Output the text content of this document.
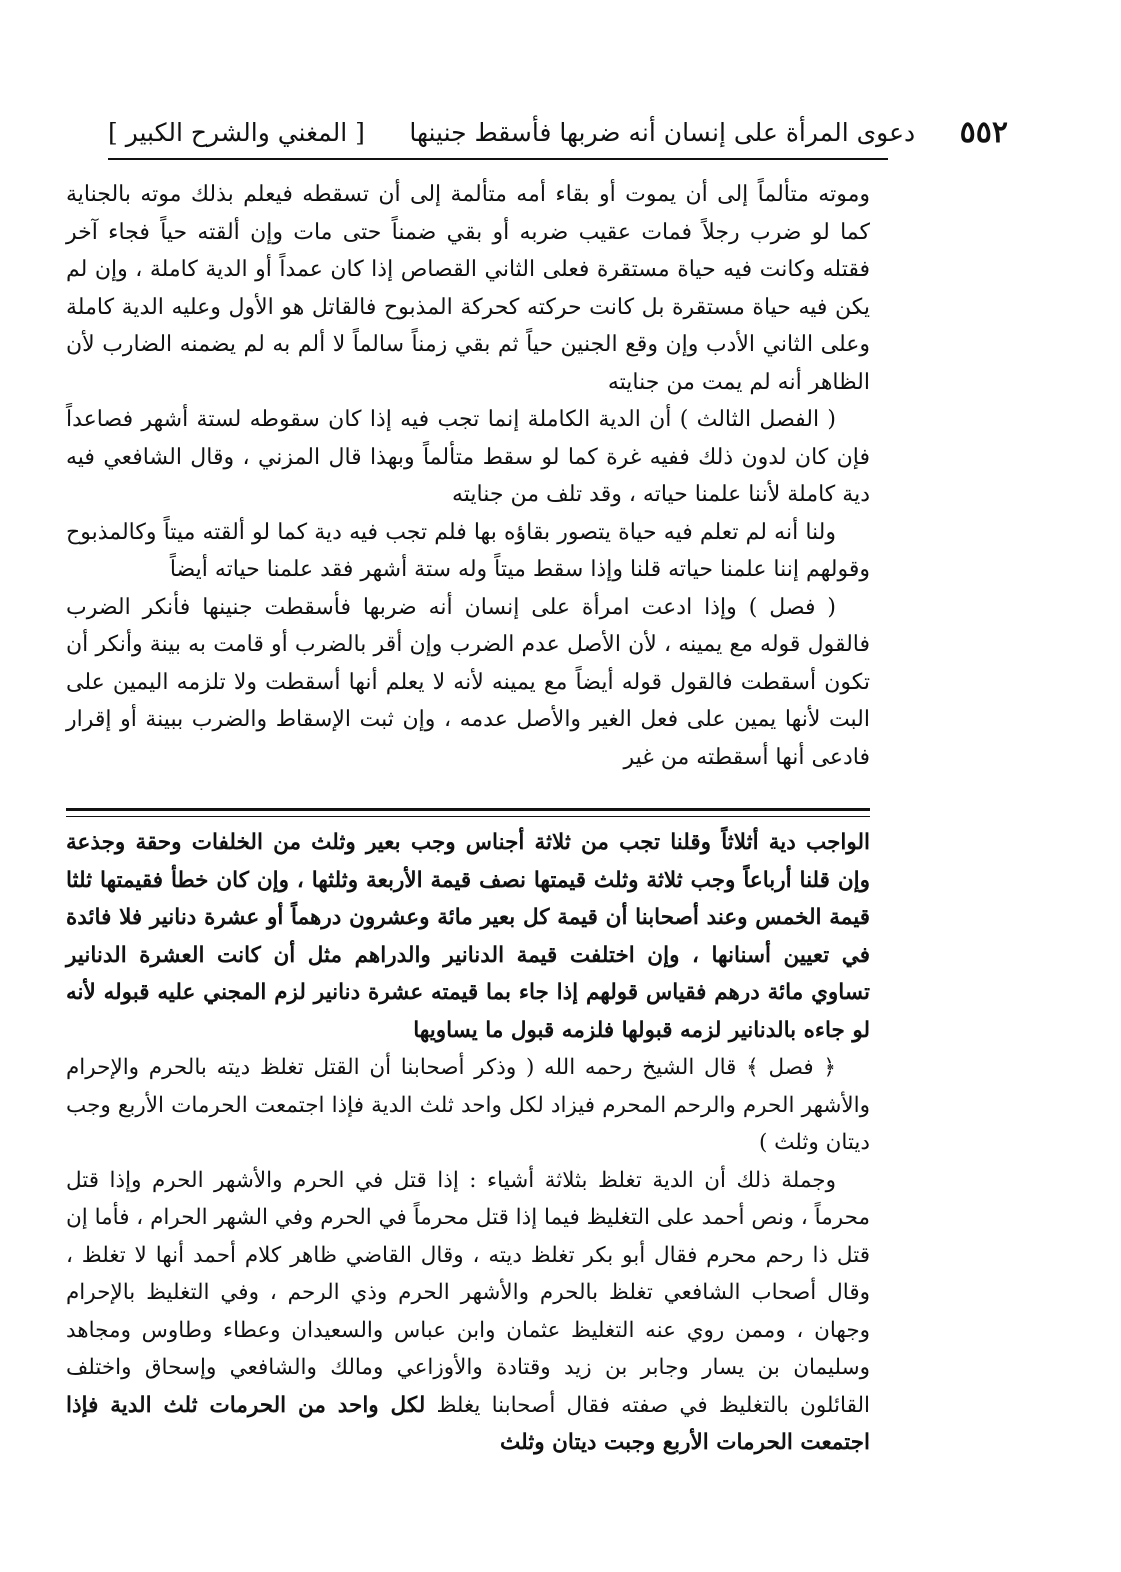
٥٥٢
دعوى المرأة على إنسان أنه ضربها فأسقط جنينها
[ المغني والشرح الكبير ]

وموته متألماً إلى أن يموت أو بقاء أمه متألمة إلى أن تسقطه فيعلم بذلك موته بالجناية كما لو ضرب رجلاً فمات عقيب ضربه أو بقي ضمناً حتى مات وإن ألقته حياً فجاء آخر فقتله وكانت فيه حياة مستقرة فعلى الثاني القصاص إذا كان عمداً أو الدية كاملة ، وإن لم يكن فيه حياة مستقرة بل كانت حركته كحركة المذبوح فالقاتل هو الأول وعليه الدية كاملة وعلى الثاني الأدب وإن وقع الجنين حياً ثم بقي زمناً سالماً لا ألم به لم يضمنه الضارب لأن الظاهر أنه لم يمت من جنايته

( الفصل الثالث ) أن الدية الكاملة إنما تجب فيه إذا كان سقوطه لستة أشهر فصاعداً فإن كان لدون ذلك ففيه غرة كما لو سقط متألماً وبهذا قال المزني ، وقال الشافعي فيه دية كاملة لأننا علمنا حياته ، وقد تلف من جنايته

ولنا أنه لم تعلم فيه حياة يتصور بقاؤه بها فلم تجب فيه دية كما لو ألقته ميتاً وكالمذبوح وقولهم إننا علمنا حياته قلنا وإذا سقط ميتاً وله ستة أشهر فقد علمنا حياته أيضاً

( فصل ) وإذا ادعت امرأة على إنسان أنه ضربها فأسقطت جنينها فأنكر الضرب فالقول قوله مع يمينه ، لأن الأصل عدم الضرب وإن أقر بالضرب أو قامت به بينة وأنكر أن تكون أسقطت فالقول قوله أيضاً مع يمينه لأنه لا يعلم أنها أسقطت ولا تلزمه اليمين على البت لأنها يمين على فعل الغير والأصل عدمه ، وإن ثبت الإسقاط والضرب ببينة أو إقرار فادعى أنها أسقطته من غير

الواجب دية أثلاثاً وقلنا تجب من ثلاثة أجناس وجب بعير وثلث من الخلفات وحقة وجذعة وإن قلنا أرباعاً وجب ثلاثة وثلث قيمتها نصف قيمة الأربعة وثلثها ، وإن كان خطأ فقيمتها ثلثا قيمة الخمس وعند أصحابنا أن قيمة كل بعير مائة وعشرون درهماً أو عشرة دنانير فلا فائدة في تعيين أسنانها ، وإن اختلفت قيمة الدنانير والدراهم مثل أن كانت العشرة الدنانير تساوي مائة درهم فقياس قولهم إذا جاء بما قيمته عشرة دنانير لزم المجني عليه قبوله لأنه لو جاءه بالدنانير لزمه قبولها فلزمه قبول ما يساويها

﴿ فصل ﴾ قال الشيخ رحمه الله ( وذكر أصحابنا أن القتل تغلظ ديته بالحرم والإحرام والأشهر الحرم والرحم المحرم فيزاد لكل واحد ثلث الدية فإذا اجتمعت الحرمات الأربع وجب ديتان وثلث )

وجملة ذلك أن الدية تغلظ بثلاثة أشياء : إذا قتل في الحرم والأشهر الحرم وإذا قتل محرماً ، ونص أحمد على التغليظ فيما إذا قتل محرماً في الحرم وفي الشهر الحرام ، فأما إن قتل ذا رحم محرم فقال أبو بكر تغلظ ديته ، وقال القاضي ظاهر كلام أحمد أنها لا تغلظ ، وقال أصحاب الشافعي تغلظ بالحرم والأشهر الحرم وذي الرحم ، وفي التغليظ بالإحرام وجهان ، وممن روي عنه التغليظ عثمان وابن عباس والسعيدان وعطاء وطاوس ومجاهد وسليمان بن يسار وجابر بن زيد وقتادة والأوزاعي ومالك والشافعي وإسحاق واختلف القائلون بالتغليظ في صفته فقال أصحابنا يغلظ لكل واحد من الحرمات ثلث الدية فإذا اجتمعت الحرمات الأربع وجبت ديتان وثلث
